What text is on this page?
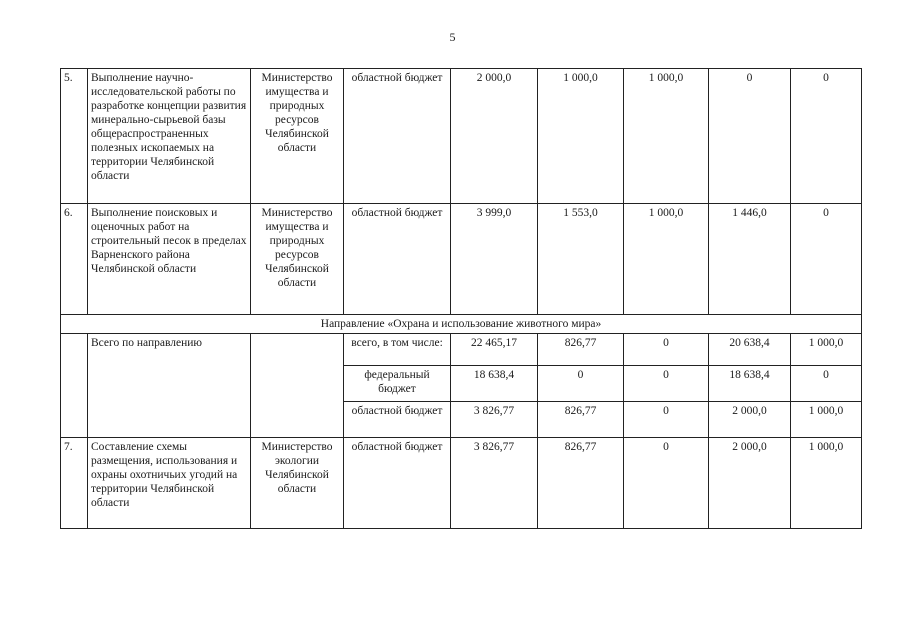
5
5.	Выполнение научно-исследовательской работы по разработке концепции развития минерально-сырьевой базы общераспространенных полезных ископаемых на территории Челябинской области	Министерство имущества и природных ресурсов Челябинской области	областной бюджет	2 000,0	1 000,0	1 000,0	0	0
6.	Выполнение поисковых и оценочных работ на строительный песок в пределах Варненского района Челябинской области	Министерство имущества и природных ресурсов Челябинской области	областной бюджет	3 999,0	1 553,0	1 000,0	1 446,0	0
Направление «Охрана и использование животного мира»								
	Всего по направлению		всего, в том числе:	22 465,17	826,77	0	20 638,4	1 000,0
			федеральный бюджет	18 638,4	0	0	18 638,4	0
			областной бюджет	3 826,77	826,77	0	2 000,0	1 000,0
7.	Составление схемы размещения, использования и охраны охотничьих угодий на территории Челябинской области	Министерство экологии Челябинской области	областной бюджет	3 826,77	826,77	0	2 000,0	1 000,0
